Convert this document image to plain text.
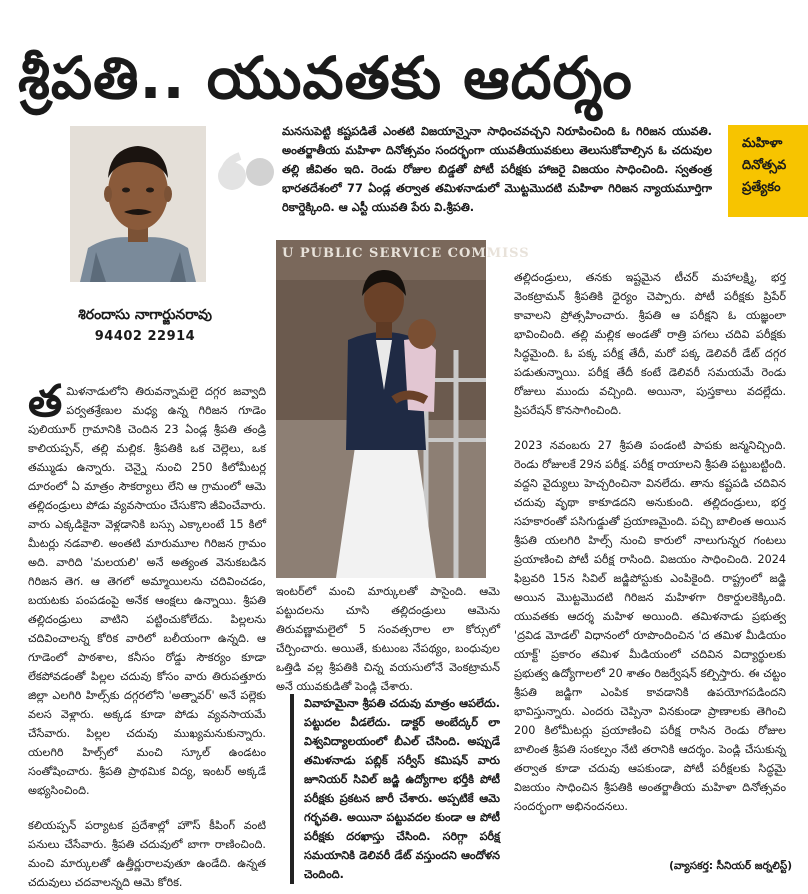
శ్రీపతి.. యువతకు ఆదర్శం
మహిళా
దినోత్సవ
ప్రత్యేకం
శిరందాసు నాగార్జునరావు
94402 22914
మనసుపెట్టి కష్టపడితే ఎంతటి విజయాన్నైనా సాధించవచ్చని నిరూపించింది ఓ గిరిజన యువతి. అంతర్జాతీయ మహిళా దినోత్సవం సందర్భంగా యువతీయువకులు తెలుసుకోవాల్సిన ఓ చదువుల తల్లి జీవితం ఇది. రెండు రోజుల బిడ్డతో పోటీ పరీక్షకు హాజరై విజయం సాధించింది. స్వతంత్ర భారతదేశంలో 77 ఏండ్ల తర్వాత తమిళనాడులో మొట్టమొదటి మహిళా గిరిజన న్యాయమూర్తిగా రికార్డెక్కింది. ఆ ఎస్టీ యువతి పేరు వి.శ్రీపతి.

తమిళనాడులోని తిరువన్నామలై దగ్గర జవ్వాది పర్వతశ్రేణుల మధ్య ఉన్న గిరిజన గూడెం పులియూర్ గ్రామానికి చెందిన 23 ఏండ్ల శ్రీపతి తండ్రి కాలియప్పన్, తల్లి మల్లిక. శ్రీపతికి ఒక చెల్లెలు, ఒక తమ్ముడు ఉన్నారు. చెన్నై నుంచి 250 కిలోమీటర్ల దూరంలో ఏ మాత్రం సౌకర్యాలు లేని ఆ గ్రామంలో ఆమె తల్లిదండ్రులు పోడు వ్యవసాయం చేసుకొని జీవించేవారు. వారు ఎక్కడికైనా వెళ్లడానికి బస్సు ఎక్కాలంటే 15 కిలో మీటర్లు నడవాలి. అంతటి మారుమూల గిరిజన గ్రామం అది. వారిది 'మలయలి' అనే అత్యంత వెనుకబడిన గిరిజన తెగ. ఆ తెగలో అమ్మాయిలను చదివించడం, బయటకు పంపడంపై అనేక ఆంక్షలు ఉన్నాయి. శ్రీపతి తల్లిదండ్రులు వాటిని పట్టించుకోలేదు. పిల్లలను చదివించాలన్న కోరిక వారిలో బలీయంగా ఉన్నది. ఆ గూడెంలో పాఠశాల, కనీసం రోడ్డు సౌకర్యం కూడా లేకపోవడంతో పిల్లల చదువు కోసం వారు తిరుపత్తూరు జిల్లా ఎలగిరి హిల్స్‌కు దగ్గరలోని 'అత్నావర్' అనే పల్లెకు వలస వెళ్లారు. అక్కడ కూడా పోడు వ్యవసాయమే చేసేవారు. పిల్లల చదువు ముఖ్యమనుకున్నారు. యలగిరి హిల్స్‌లో మంచి స్కూల్ ఉండటం సంతోషించారు. శ్రీపతి ప్రాథమిక విద్య, ఇంటర్ అక్కడే అభ్యసించింది.

కలియప్పన్ పర్యాటక ప్రదేశాల్లో హౌస్ కీపింగ్ వంటి పనులు చేసేవారు. శ్రీపతి చదువులో బాగా రాణించింది. మంచి మార్కులతో ఉత్తీర్ణురాలవుతూ ఉండేది. ఉన్నత చదువులు చదవాలన్నది ఆమె కోరిక.

U PUBLIC SERVICE COMMISS
ఇంటర్‌లో మంచి మార్కులతో పాసైంది. ఆమె పట్టుదలను చూసి తల్లిదండ్రులు ఆమెను తిరువణ్ణామలైలో 5 సంవత్సరాల లా కోర్సులో చేర్పించారు. అయితే, కుటుంబ నేపథ్యం, బంధువుల ఒత్తిడి వల్ల శ్రీపతికి చిన్న వయసులోనే వెంకట్రామన్ అనే యువకుడితో పెండ్లి చేశారు.
వివాహమైనా శ్రీపతి చదువు మాత్రం ఆపలేదు. పట్టుదల వీడలేదు. డాక్టర్ అంబేద్కర్ లా విశ్వవిద్యాలయంలో బీఎల్ చేసింది. అప్పుడే తమిళనాడు పబ్లిక్ సర్వీస్ కమిషన్ వారు జూనియర్ సివిల్ జడ్జి ఉద్యోగాల భర్తీకి పోటీ పరీక్షకు ప్రకటన జారీ చేశారు. అప్పటికే ఆమె గర్భవతి. అయినా పట్టువదల కుండా ఆ పోటీ పరీక్షకు దరఖాస్తు చేసింది. సరిగ్గా పరీక్ష సమయానికి డెలివరీ డేట్ వస్తుందని ఆందోళన చెందింది.

తల్లిదండ్రులు, తనకు ఇష్టమైన టీచర్ మహాలక్ష్మి, భర్త వెంకట్రామన్ శ్రీపతికి ధైర్యం చెప్పారు. పోటీ పరీక్షకు ప్రిపేర్ కావాలని ప్రోత్సహించారు. శ్రీపతి ఆ పరీక్షని ఓ యజ్ఞంలా భావించింది. తల్లి మల్లిక అండతో రాత్రి పగలు చదివి పరీక్షకు సిద్ధమైంది. ఓ పక్క పరీక్ష తేదీ, మరో పక్క డెలివరీ డేట్ దగ్గర పడుతున్నాయి. పరీక్ష తేదీ కంటే డెలివరీ సమయమే రెండు రోజులు ముందు వచ్చింది. అయినా, పుస్తకాలు వదల్లేదు. ప్రిపరేషన్ కొనసాగించింది.

2023 నవంబరు 27 శ్రీపతి పండంటి పాపకు జన్మనిచ్చింది. రెండు రోజులకే 29న పరీక్ష. పరీక్ష రాయాలని శ్రీపతి పట్టుబట్టింది. వద్దని వైద్యులు హెచ్చరించినా వినలేదు. తాను కష్టపడి చదివిన చదువు వృథా కాకూడదని అనుకుంది. తల్లిదండ్రులు, భర్త సహకారంతో పసిగుడ్డుతో ప్రయాణమైంది. పచ్చి బాలింత అయిన శ్రీపతి యలగిరి హిల్స్ నుంచి కారులో నాలుగున్నర గంటలు ప్రయాణించి పోటీ పరీక్ష రాసింది. విజయం సాధించింది. 2024 ఫిబ్రవరి 15న సివిల్ జడ్జిపోస్టుకు ఎంపికైంది. రాష్ట్రంలో జడ్జి అయిన మొట్టమొదటి గిరిజన మహిళగా రికార్డులకెక్కింది. యువతకు ఆదర్శ మహిళ అయింది. తమిళనాడు ప్రభుత్వ 'ద్రవిడ మోడల్' విధానంలో రూపొందించిన 'ద తమిళ మీడియం యాక్ట్' ప్రకారం తమిళ మీడియంలో చదివిన విద్యార్థులకు ప్రభుత్వ ఉద్యోగాలలో 20 శాతం రిజర్వేషన్ కల్పిస్తారు. ఈ చట్టం శ్రీపతి జడ్జిగా ఎంపిక కావడానికి ఉపయోగపడిందని భావిస్తున్నారు. ఎందరు చెప్పినా వినకుండా ప్రాణాలకు తెగించి 200 కిలోమీటర్లు ప్రయాణించి పరీక్ష రాసిన రెండు రోజుల బాలింత శ్రీపతి సంకల్పం నేటి తరానికి ఆదర్శం. పెండ్లి చేసుకున్న తర్వాత కూడా చదువు ఆపకుండా, పోటీ పరీక్షలకు సిద్ధమై విజయం సాధించిన శ్రీపతికి అంతర్జాతీయ మహిళా దినోత్సవం సందర్భంగా అభినందనలు.

(వ్యాసకర్త: సీనియర్ జర్నలిస్ట్)
